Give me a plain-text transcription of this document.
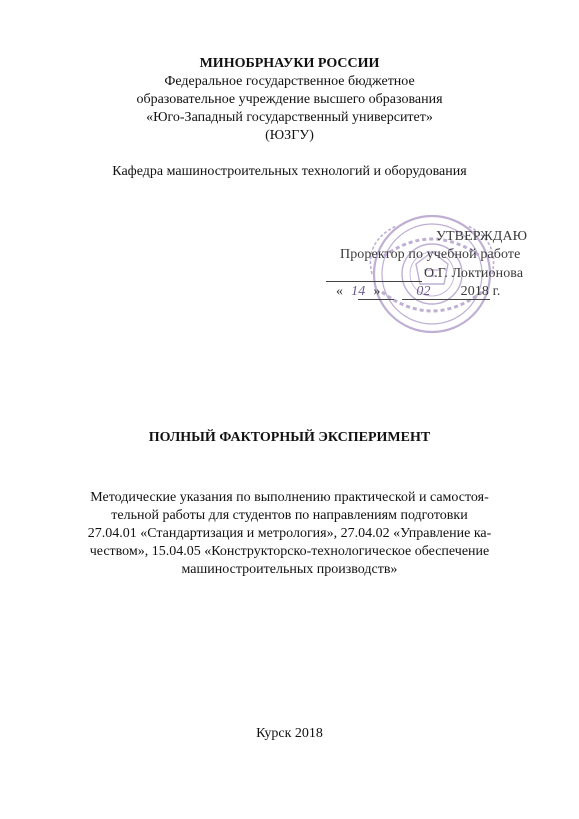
МИНОБРНАУКИ РОССИИ
Федеральное государственное бюджетное
образовательное учреждение высшего образования
«Юго-Западный государственный университет»
(ЮЗГУ)
Кафедра машиностроительных технологий и оборудования
УТВЕРЖДАЮ
Проректор по учебной работе
О.Г. Локтионова
« 14 »	02 2018 г.
ПОЛНЫЙ ФАКТОРНЫЙ ЭКСПЕРИМЕНТ
Методические указания по выполнению практической и самостоя-
тельной работы для студентов по направлениям подготовки
27.04.01 «Стандартизация и метрология», 27.04.02 «Управление ка-
чеством», 15.04.05 «Конструкторско-технологическое обеспечение
машиностроительных производств»
Курск 2018
